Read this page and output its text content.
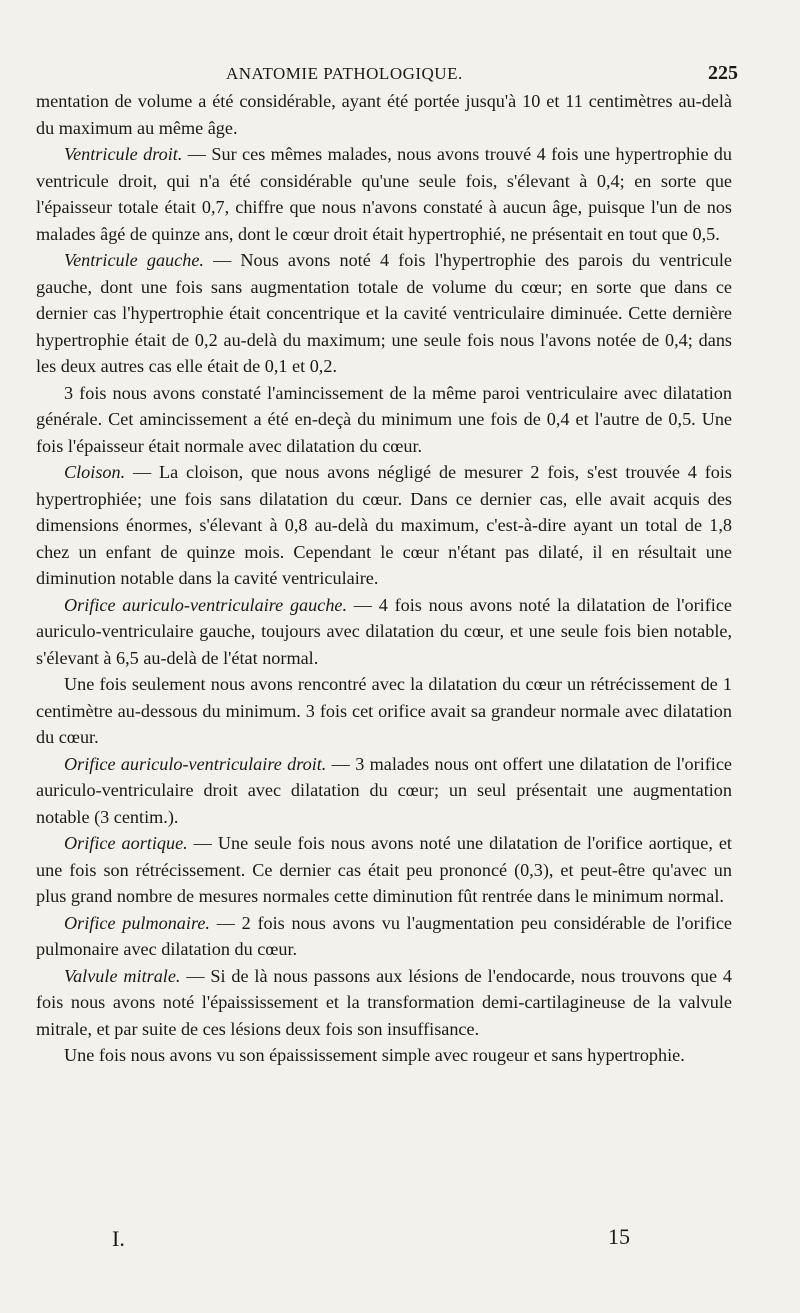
ANATOMIE PATHOLOGIQUE.	225

mentation de volume a été considérable, ayant été portée jusqu'à 10 et 11 centimètres au-delà du maximum au même âge.

Ventricule droit. — Sur ces mêmes malades, nous avons trouvé 4 fois une hypertrophie du ventricule droit, qui n'a été considérable qu'une seule fois, s'élevant à 0,4; en sorte que l'épaisseur totale était 0,7, chiffre que nous n'avons constaté à aucun âge, puisque l'un de nos malades âgé de quinze ans, dont le cœur droit était hypertrophié, ne présentait en tout que 0,5.

Ventricule gauche. — Nous avons noté 4 fois l'hypertrophie des parois du ventricule gauche, dont une fois sans augmentation totale de volume du cœur; en sorte que dans ce dernier cas l'hypertrophie était concentrique et la cavité ventriculaire diminuée. Cette dernière hypertrophie était de 0,2 au-delà du maximum; une seule fois nous l'avons notée de 0,4; dans les deux autres cas elle était de 0,1 et 0,2.

3 fois nous avons constaté l'amincissement de la même paroi ventriculaire avec dilatation générale. Cet amincissement a été en-deçà du minimum une fois de 0,4 et l'autre de 0,5. Une fois l'épaisseur était normale avec dilatation du cœur.

Cloison. — La cloison, que nous avons négligé de mesurer 2 fois, s'est trouvée 4 fois hypertrophiée; une fois sans dilatation du cœur. Dans ce dernier cas, elle avait acquis des dimensions énormes, s'élevant à 0,8 au-delà du maximum, c'est-à-dire ayant un total de 1,8 chez un enfant de quinze mois. Cependant le cœur n'étant pas dilaté, il en résultait une diminution notable dans la cavité ventriculaire.

Orifice auriculo-ventriculaire gauche. — 4 fois nous avons noté la dilatation de l'orifice auriculo-ventriculaire gauche, toujours avec dilatation du cœur, et une seule fois bien notable, s'élevant à 6,5 au-delà de l'état normal.

Une fois seulement nous avons rencontré avec la dilatation du cœur un rétrécissement de 1 centimètre au-dessous du minimum. 3 fois cet orifice avait sa grandeur normale avec dilatation du cœur.

Orifice auriculo-ventriculaire droit. — 3 malades nous ont offert une dilatation de l'orifice auriculo-ventriculaire droit avec dilatation du cœur; un seul présentait une augmentation notable (3 centim.).

Orifice aortique. — Une seule fois nous avons noté une dilatation de l'orifice aortique, et une fois son rétrécissement. Ce dernier cas était peu prononcé (0,3), et peut-être qu'avec un plus grand nombre de mesures normales cette diminution fût rentrée dans le minimum normal.

Orifice pulmonaire. — 2 fois nous avons vu l'augmentation peu considérable de l'orifice pulmonaire avec dilatation du cœur.

Valvule mitrale. — Si de là nous passons aux lésions de l'endocarde, nous trouvons que 4 fois nous avons noté l'épaississement et la transformation demi-cartilagineuse de la valvule mitrale, et par suite de ces lésions deux fois son insuffisance.

Une fois nous avons vu son épaississement simple avec rougeur et sans hypertrophie.

I.	15
